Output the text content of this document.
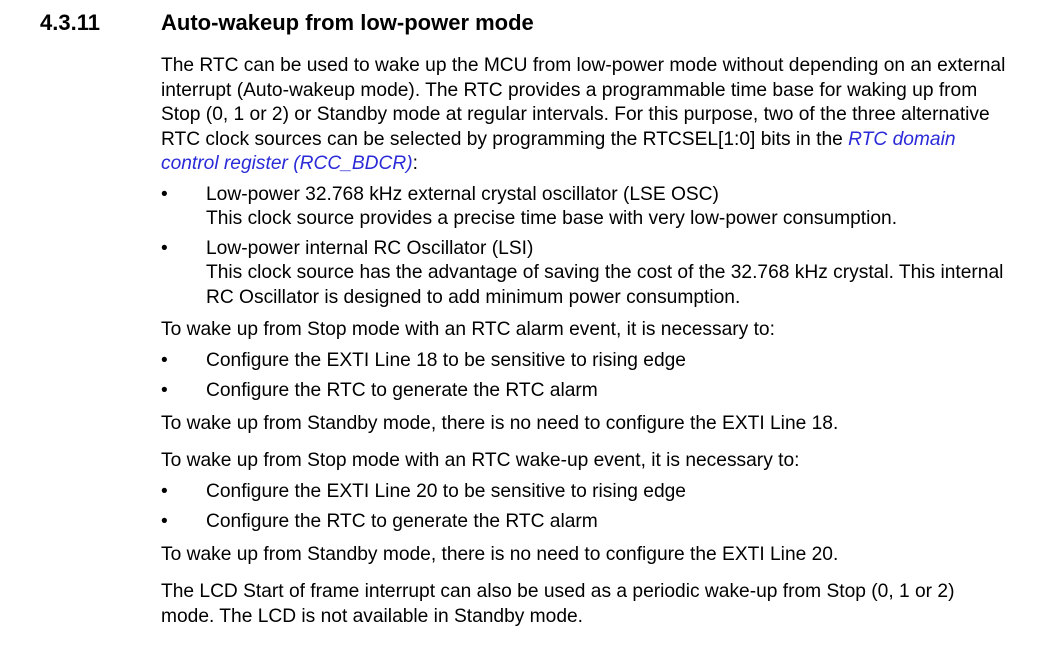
4.3.11	Auto-wakeup from low-power mode

The RTC can be used to wake up the MCU from low-power mode without depending on an external interrupt (Auto-wakeup mode). The RTC provides a programmable time base for waking up from Stop (0, 1 or 2) or Standby mode at regular intervals. For this purpose, two of the three alternative RTC clock sources can be selected by programming the RTCSEL[1:0] bits in the RTC domain control register (RCC_BDCR):

• Low-power 32.768 kHz external crystal oscillator (LSE OSC)
This clock source provides a precise time base with very low-power consumption.
• Low-power internal RC Oscillator (LSI)
This clock source has the advantage of saving the cost of the 32.768 kHz crystal. This internal RC Oscillator is designed to add minimum power consumption.

To wake up from Stop mode with an RTC alarm event, it is necessary to:

• Configure the EXTI Line 18 to be sensitive to rising edge
• Configure the RTC to generate the RTC alarm

To wake up from Standby mode, there is no need to configure the EXTI Line 18.

To wake up from Stop mode with an RTC wake-up event, it is necessary to:

• Configure the EXTI Line 20 to be sensitive to rising edge
• Configure the RTC to generate the RTC alarm

To wake up from Standby mode, there is no need to configure the EXTI Line 20.

The LCD Start of frame interrupt can also be used as a periodic wake-up from Stop (0, 1 or 2) mode. The LCD is not available in Standby mode.
